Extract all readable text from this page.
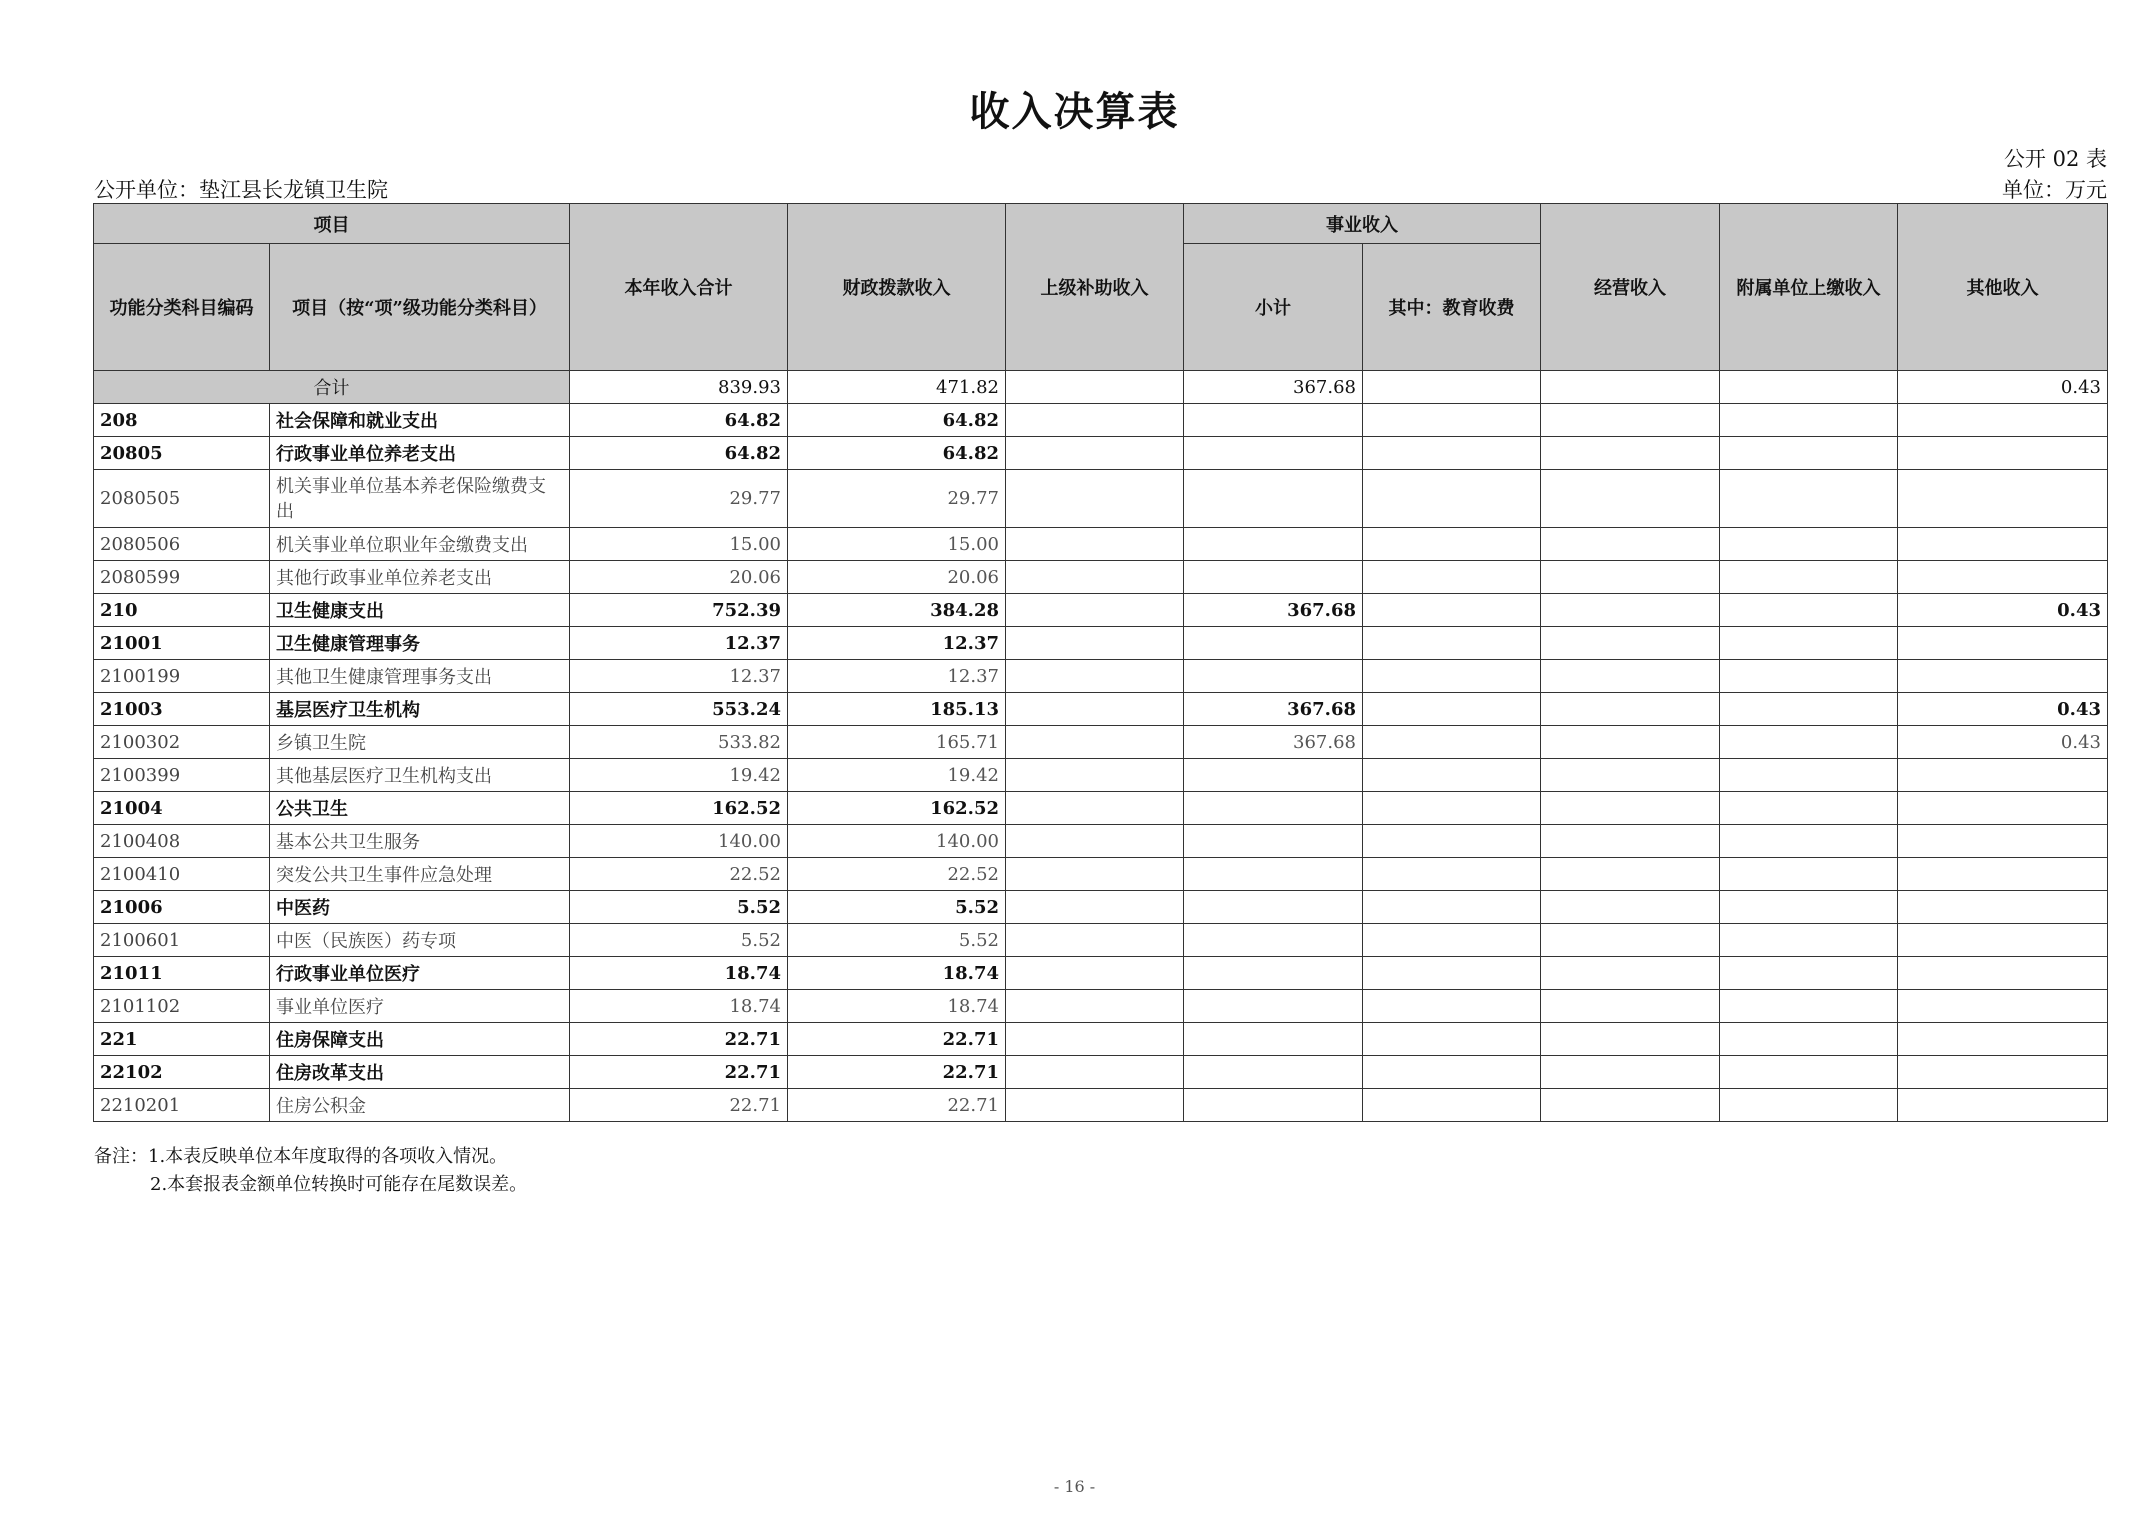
收入决算表
公开 02 表
公开单位：垫江县长龙镇卫生院	单位：万元
项目		本年收入合计	财政拨款收入	上级补助收入	事业收入		经营收入	附属单位上缴收入	其他收入
功能分类科目编码	项目（按“项”级功能分类科目）				小计	其中：教育收费			
合计		839.93	471.82		367.68				0.43
208	社会保障和就业支出	64.82	64.82						
20805	行政事业单位养老支出	64.82	64.82						
2080505	机关事业单位基本养老保险缴费支出	29.77	29.77						
2080506	机关事业单位职业年金缴费支出	15.00	15.00						
2080599	其他行政事业单位养老支出	20.06	20.06						
210	卫生健康支出	752.39	384.28		367.68				0.43
21001	卫生健康管理事务	12.37	12.37						
2100199	其他卫生健康管理事务支出	12.37	12.37						
21003	基层医疗卫生机构	553.24	185.13		367.68				0.43
2100302	乡镇卫生院	533.82	165.71		367.68				0.43
2100399	其他基层医疗卫生机构支出	19.42	19.42						
21004	公共卫生	162.52	162.52						
2100408	基本公共卫生服务	140.00	140.00						
2100410	突发公共卫生事件应急处理	22.52	22.52						
21006	中医药	5.52	5.52						
2100601	中医（民族医）药专项	5.52	5.52						
21011	行政事业单位医疗	18.74	18.74						
2101102	事业单位医疗	18.74	18.74						
221	住房保障支出	22.71	22.71						
22102	住房改革支出	22.71	22.71						
2210201	住房公积金	22.71	22.71						
备注：1.本表反映单位本年度取得的各项收入情况。
2.本套报表金额单位转换时可能存在尾数误差。
- 16 -
